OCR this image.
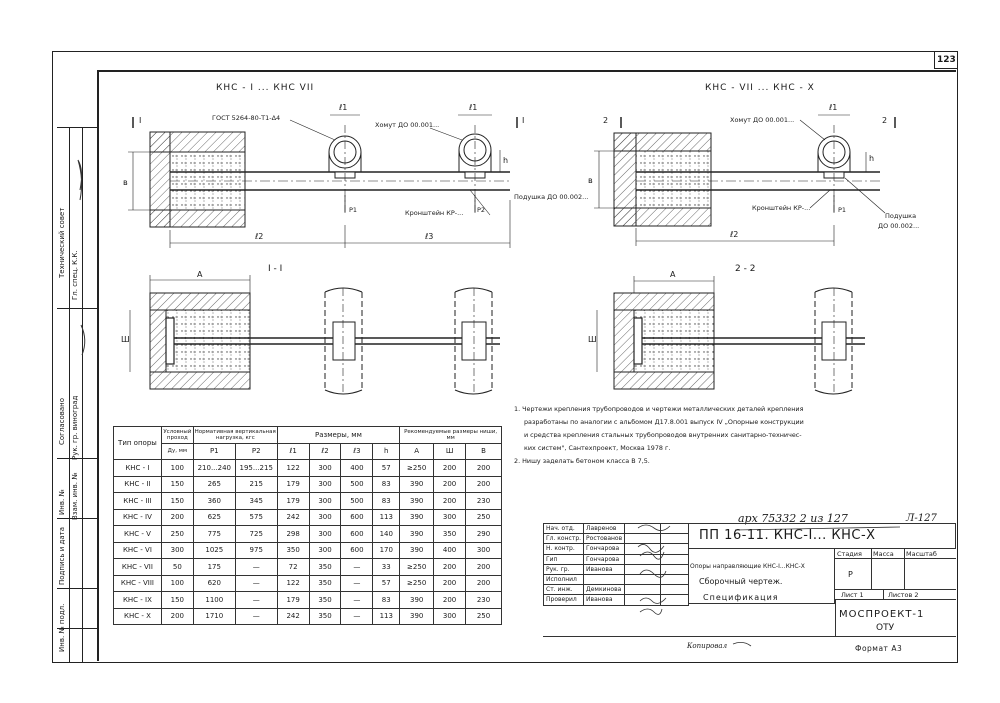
123
Технический совет Гл. спец. К.К.
Согласовано Рук. гр. виноград
Инв. №
Подпись и дата
Взам. инв. №
Инв. № подл.
КНС - I ... КНС VII	КНС - VII ... КНС - X
I - I	2 - 2
ГОСТ 5264-80-Т1-Δ4
Хомут ДО 00.001...
Кронштейн КР-...
Подушка ДО 00.002...
Хомут ДО 00.001...
Кронштейн КР-...
Подушка
ДО 00.002...
ℓ1	ℓ1	ℓ1
ℓ2	ℓ3	ℓ2
h	h
в	в
А	А
Ш	Ш
P1	P2	P1
I	I	2	2
1. Чертежи крепления трубопроводов и чертежи металлических деталей крепления
разработаны по аналогии с альбомом Д17.8.001 выпуск IV „Опорные конструкции
и средства крепления стальных трубопроводов внутренних санитарно-техничес-
ких систем", Сантехпроект, Москва 1978 г.
2. Нишу заделать бетоном класса В 7,5.
Тип опоры	Условный проход	Нормативная вертикальная нагрузка, кгс		Размеры, мм				Рекомендуемые размеры ниши, мм		
	Ду, мм	P1	P2	ℓ1	ℓ2	ℓ3	h	А	Ш	В
КНС - I	100	210...240	195...215	122	300	400	57	≥250	200	200
КНС - II	150	265	215	179	300	500	83	390	200	200
КНС - III	150	360	345	179	300	500	83	390	200	230
КНС - IV	200	625	575	242	300	600	113	390	300	250
КНС - V	250	775	725	298	300	600	140	390	350	290
КНС - VI	300	1025	975	350	300	600	170	390	400	300
КНС - VII	50	175	—	72	350	—	33	≥250	200	200
КНС - VIII	100	620	—	122	350	—	57	≥250	200	200
КНС - IX	150	1100	—	179	350	—	83	390	200	230
КНС - X	200	1710	—	242	350	—	113	390	300	250
арх 75332 2 из 127	Л-127
Копировал
Нач. отд.	Лавренов		
Гл. констр.	Ростованов		
Н. контр.	Гончарова		
Гип	Гончарова		
Рук. гр.	Иванова		
Исполнил			
Ст. инж.	Демкинова		
Проверил	Иванова		
ПП 16-11. КНС-I... КНС-X
Опоры направляющие КНС-I...КНС-X
Сборочный чертеж.
Спецификация
Стадия Масса Масштаб
Р
Лист 1	Листов 2
МОСПРОЕКТ-1
ОТУ
Формат А3
